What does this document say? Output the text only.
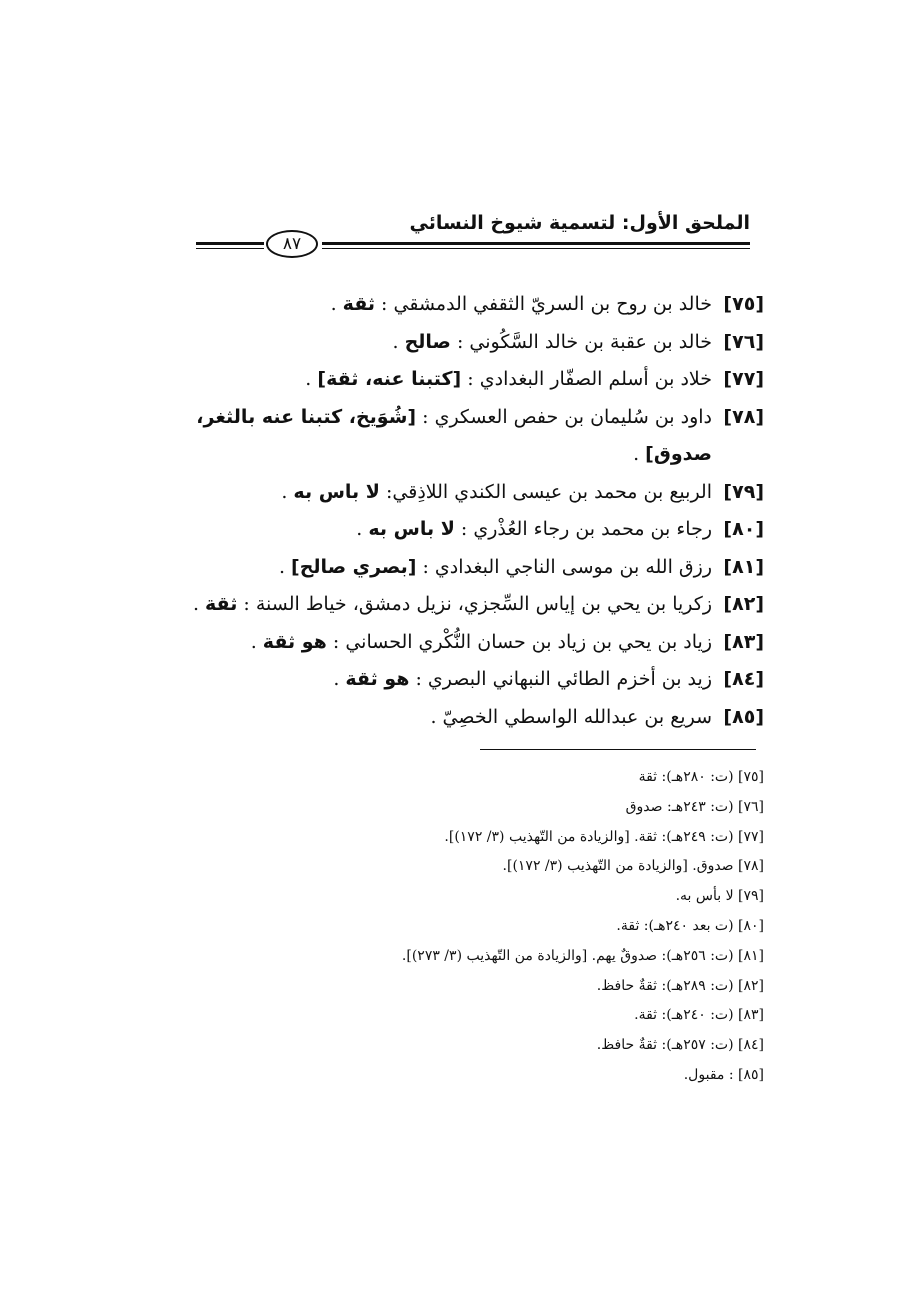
الملحق الأول: لتسمية شيوخ النسائي
٨٧
[٧٥]
خالد بن روح بن السريّ الثقفي الدمشقي : ثقة .
[٧٦]
خالد بن عقبة بن خالد السَّكُوني : صالح .
[٧٧]
خلاد بن أسلم الصفّار البغدادي : [كتبنا عنه، ثقة] .
[٧٨]
داود بن سُليمان بن حفص العسكري : [شُوَيخ، كتبنا عنه بالثغر، صدوق] .
[٧٩]
الربيع بن محمد بن عيسى الكندي اللاذِقي: لا باس به .
[٨٠]
رجاء بن محمد بن رجاء العُذْري : لا باس به .
[٨١]
رزق الله بن موسى الناجي البغدادي : [بصري صالح] .
[٨٢]
زكريا بن يحي بن إياس السِّجزي، نزيل دمشق، خياط السنة : ثقة .
[٨٣]
زياد بن يحي بن زياد بن حسان النُّكْري الحساني : هو ثقة .
[٨٤]
زيد بن أخزم الطائي النبهاني البصري : هو ثقة .
[٨٥]
سريع بن عبدالله الواسطي الخصِيّ .
[٧٥] (ت: ٢٨٠هـ): ثقة
[٧٦] (ت: ٢٤٣هـ: صدوق
[٧٧] (ت: ٢٤٩هـ): ثقة. [والزيادة من التّهذيب (٣/ ١٧٢)].
[٧٨] صدوق. [والزيادة من التّهذيب (٣/ ١٧٢)].
[٧٩] لا بأس به.
[٨٠] (ت بعد ٢٤٠هـ): ثقة.
[٨١] (ت: ٢٥٦هـ): صدوقٌ يهم. [والزيادة من التّهذيب (٣/ ٢٧٣)].
[٨٢] (ت: ٢٨٩هـ): ثقةٌ حافظ.
[٨٣] (ت: ٢٤٠هـ): ثقة.
[٨٤] (ت: ٢٥٧هـ): ثقةٌ حافظ.
[٨٥] : مقبول.
